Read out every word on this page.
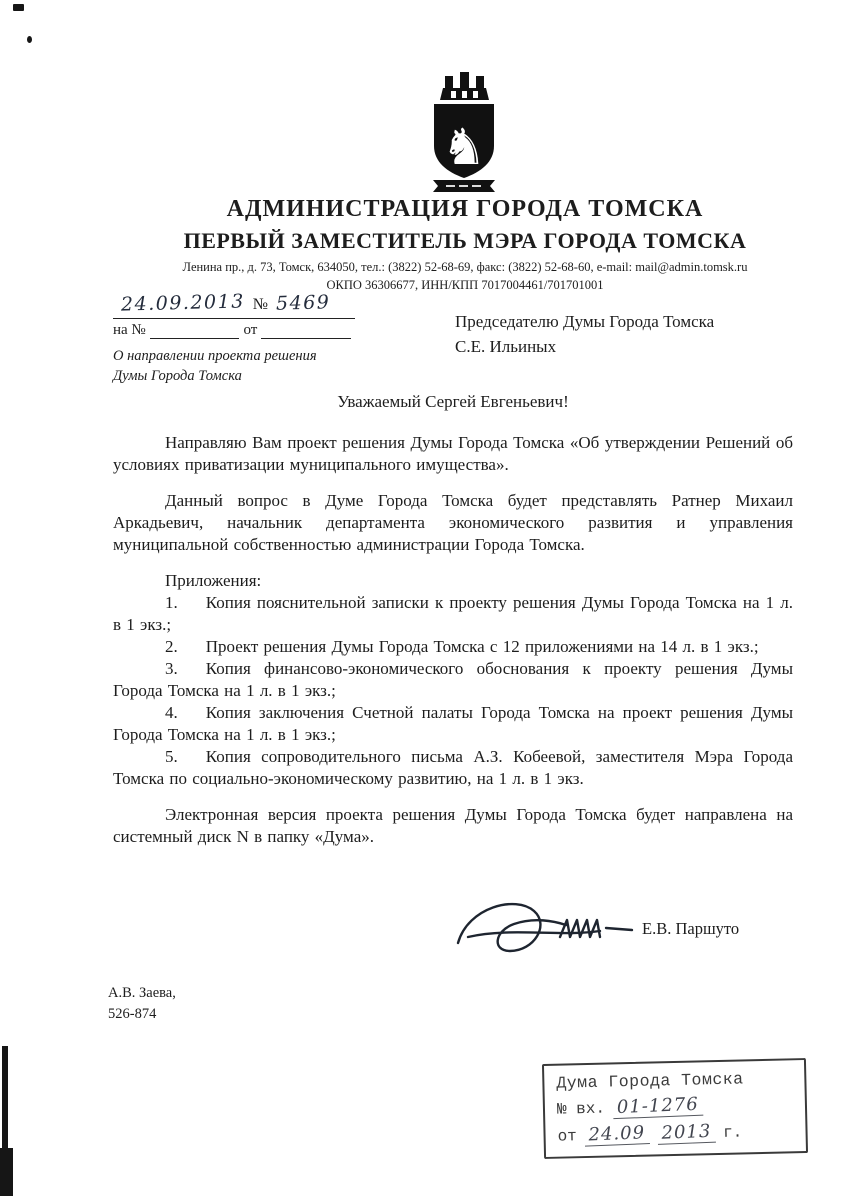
♞
АДМИНИСТРАЦИЯ ГОРОДА ТОМСКА
ПЕРВЫЙ ЗАМЕСТИТЕЛЬ МЭРА ГОРОДА ТОМСКА
Ленина пр., д. 73, Томск, 634050, тел.: (3822) 52-68-69, факс: (3822) 52-68-60, e-mail: mail@admin.tomsk.ru
ОКПО 36306677, ИНН/КПП 7017004461/701701001
24.09.2013 № 5469
на №	от	Председателю Думы Города Томска
С.Е. Ильиных
О направлении проекта решения
Думы Города Томска
Уважаемый Сергей Евгеньевич!

Направляю Вам проект решения Думы Города Томска «Об утверждении Решений об условиях приватизации муниципального имущества».

Данный вопрос в Думе Города Томска будет представлять Ратнер Михаил Аркадьевич, начальник департамента экономического развития и управления муниципальной собственностью администрации Города Томска.

Приложения:

1. Копия пояснительной записки к проекту решения Думы Города Томска на 1 л. в 1 экз.;

2. Проект решения Думы Города Томска с 12 приложениями на 14 л. в 1 экз.;

3. Копия финансово-экономического обоснования к проекту решения Думы Города Томска на 1 л. в 1 экз.;

4. Копия заключения Счетной палаты Города Томска на проект решения Думы Города Томска на 1 л. в 1 экз.;

5. Копия сопроводительного письма А.З. Кобеевой, заместителя Мэра Города Томска по социально-экономическому развитию, на 1 л. в 1 экз.

Электронная версия проекта решения Думы Города Томска будет направлена на системный диск N в папку «Дума».

Е.В. Паршуто
А.В. Заева,
526-874
Дума Города Томска
№ вх. 01-1276
от 24.09 2013 г.
